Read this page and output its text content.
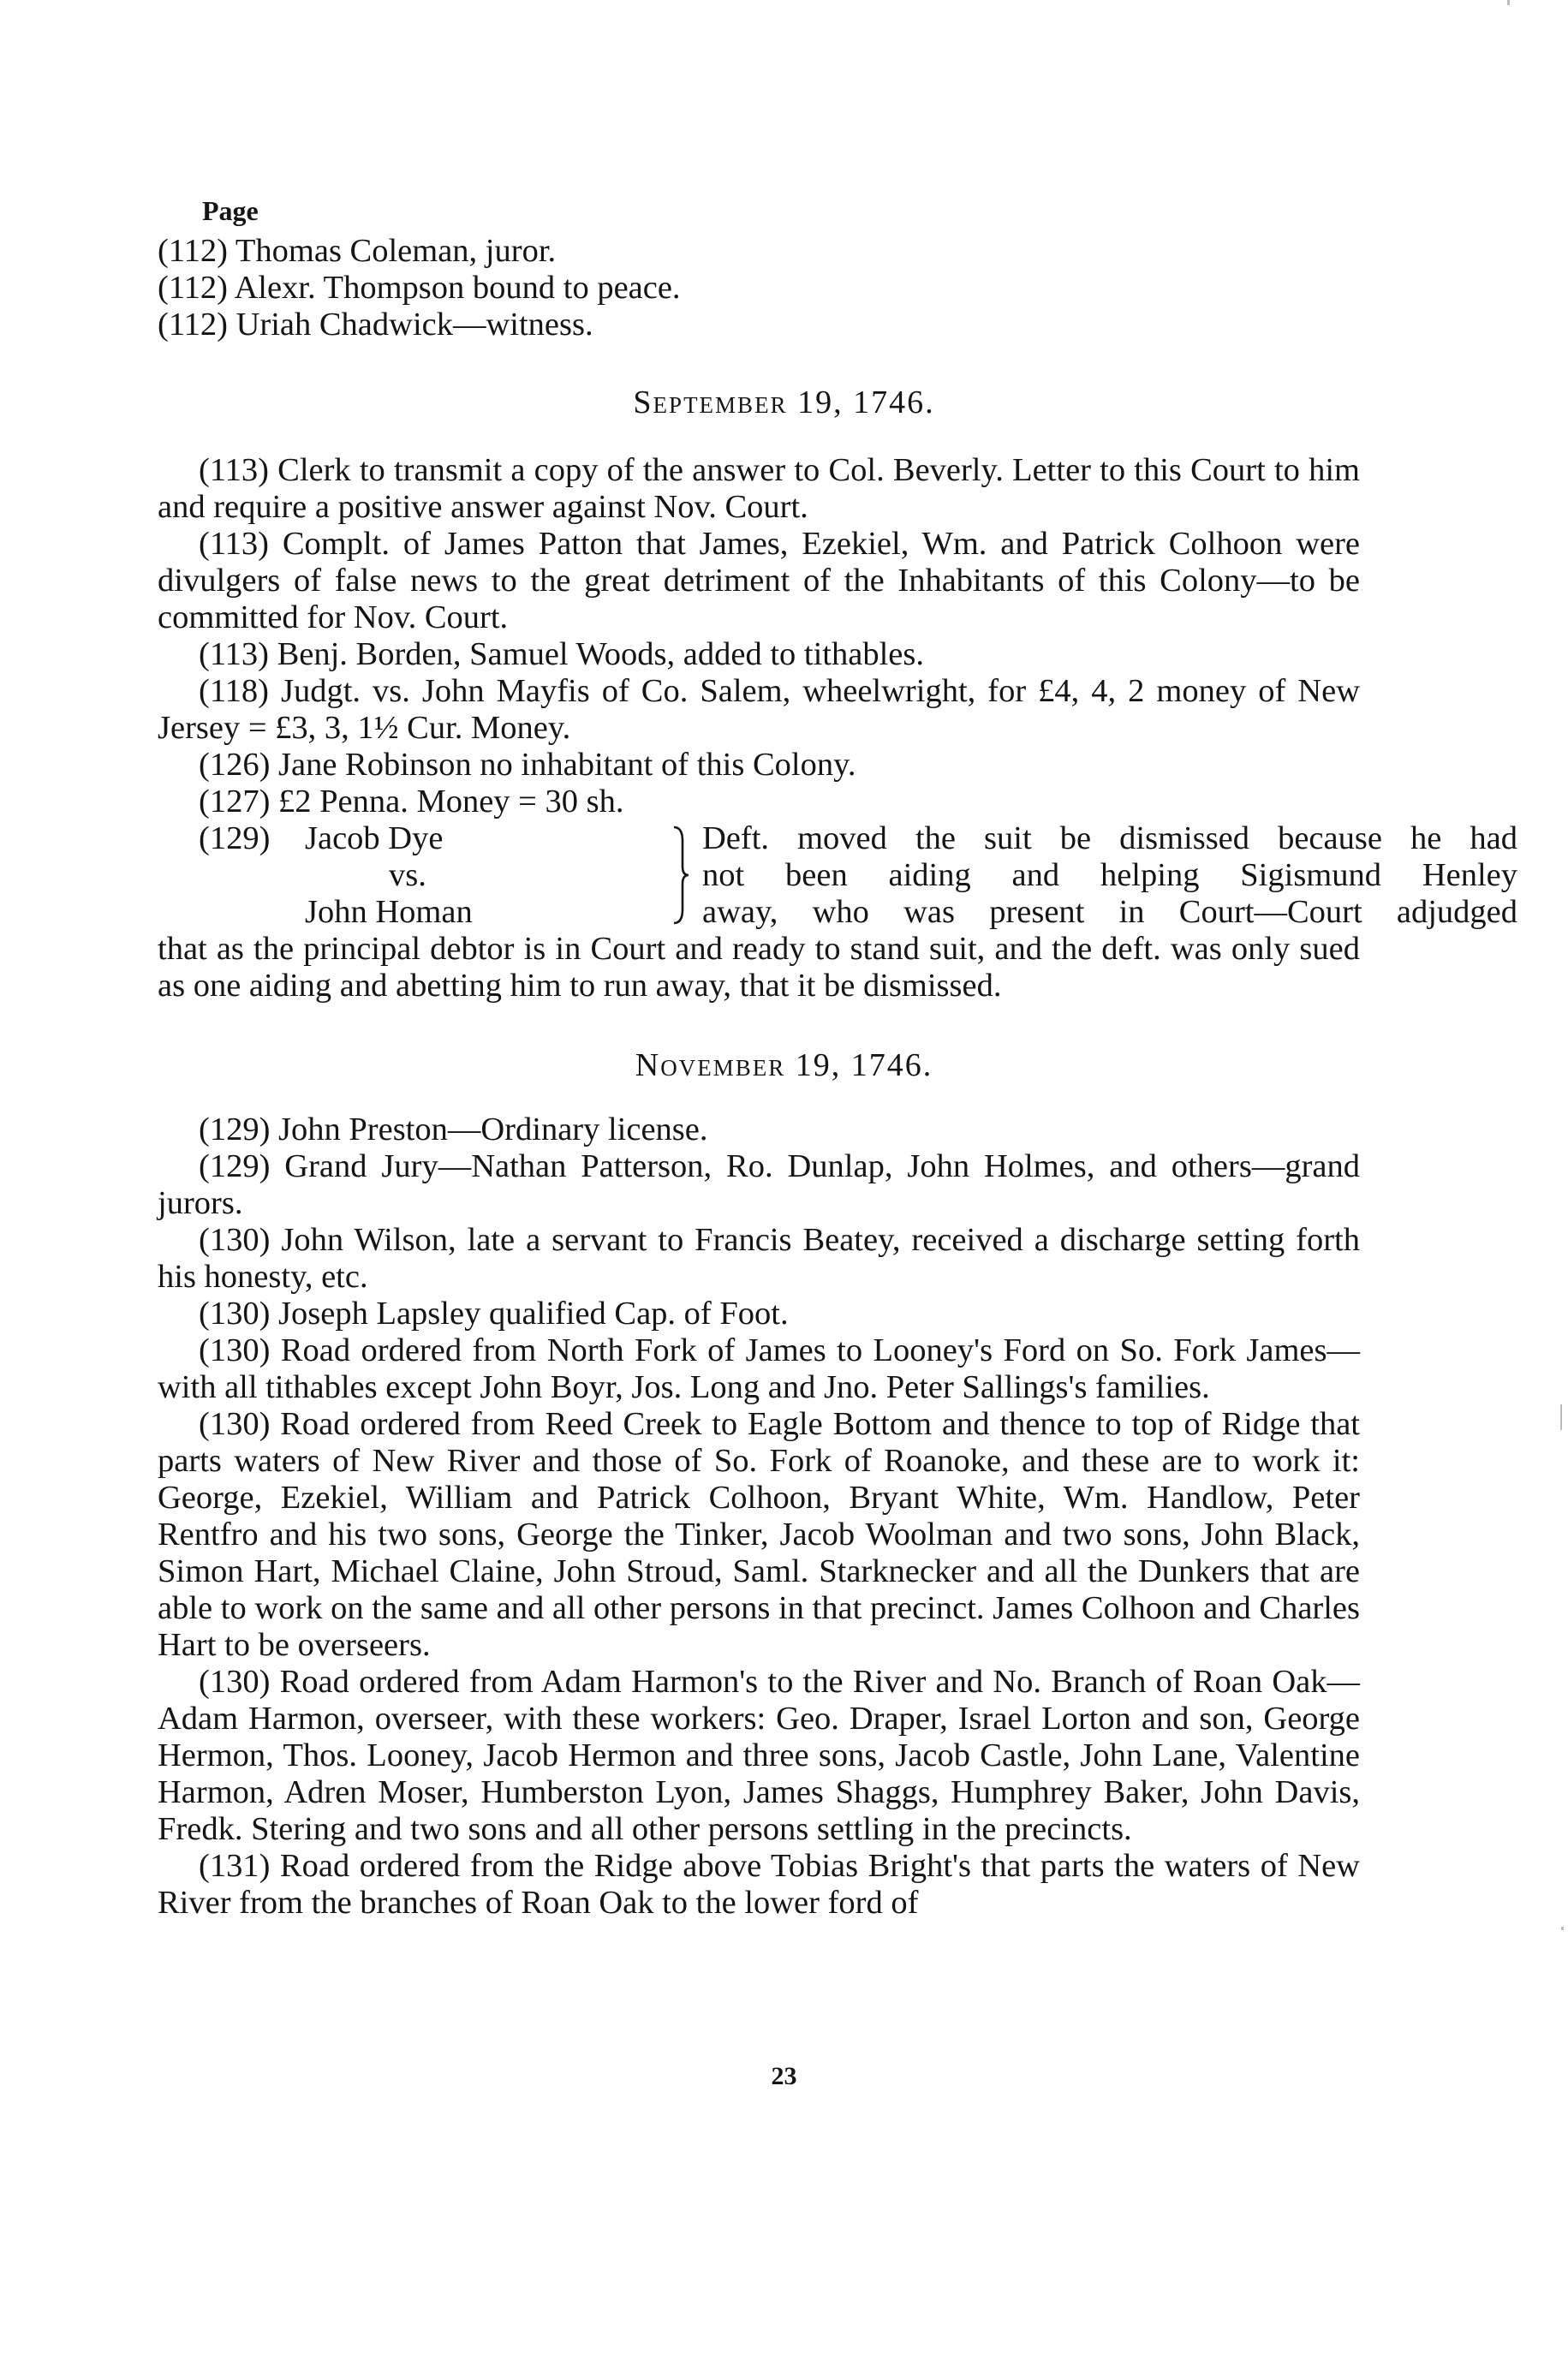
Page

(112) Thomas Coleman, juror.

(112) Alexr. Thompson bound to peace.

(112) Uriah Chadwick—witness.

September 19, 1746.

(113) Clerk to transmit a copy of the answer to Col. Beverly. Letter to this Court to him and require a positive answer against Nov. Court.

(113) Complt. of James Patton that James, Ezekiel, Wm. and Patrick Colhoon were divulgers of false news to the great detriment of the Inhabitants of this Colony—to be committed for Nov. Court.

(113) Benj. Borden, Samuel Woods, added to tithables.

(118) Judgt. vs. John Mayfis of Co. Salem, wheelwright, for £4, 4, 2 money of New Jersey = £3, 3, 1½ Cur. Money.

(126) Jane Robinson no inhabitant of this Colony.

(127) £2 Penna. Money = 30 sh.

(129) Jacob Dye	Deft. moved the suit be dismissed because he had
vs.	not been aiding and helping Sigismund Henley
John Homan	away, who was present in Court—Court adjudged

that as the principal debtor is in Court and ready to stand suit, and the deft. was only sued as one aiding and abetting him to run away, that it be dismissed.

November 19, 1746.

(129) John Preston—Ordinary license.

(129) Grand Jury—Nathan Patterson, Ro. Dunlap, John Holmes, and others—grand jurors.

(130) John Wilson, late a servant to Francis Beatey, received a discharge setting forth his honesty, etc.

(130) Joseph Lapsley qualified Cap. of Foot.

(130) Road ordered from North Fork of James to Looney's Ford on So. Fork James—with all tithables except John Boyr, Jos. Long and Jno. Peter Sallings's families.

(130) Road ordered from Reed Creek to Eagle Bottom and thence to top of Ridge that parts waters of New River and those of So. Fork of Roanoke, and these are to work it: George, Ezekiel, William and Patrick Colhoon, Bryant White, Wm. Handlow, Peter Rentfro and his two sons, George the Tinker, Jacob Woolman and two sons, John Black, Simon Hart, Michael Claine, John Stroud, Saml. Starknecker and all the Dunkers that are able to work on the same and all other persons in that precinct. James Colhoon and Charles Hart to be overseers.

(130) Road ordered from Adam Harmon's to the River and No. Branch of Roan Oak—Adam Harmon, overseer, with these workers: Geo. Draper, Israel Lorton and son, George Hermon, Thos. Looney, Jacob Hermon and three sons, Jacob Castle, John Lane, Valentine Harmon, Adren Moser, Humberston Lyon, James Shaggs, Humphrey Baker, John Davis, Fredk. Stering and two sons and all other persons settling in the precincts.

(131) Road ordered from the Ridge above Tobias Bright's that parts the waters of New River from the branches of Roan Oak to the lower ford of

23
